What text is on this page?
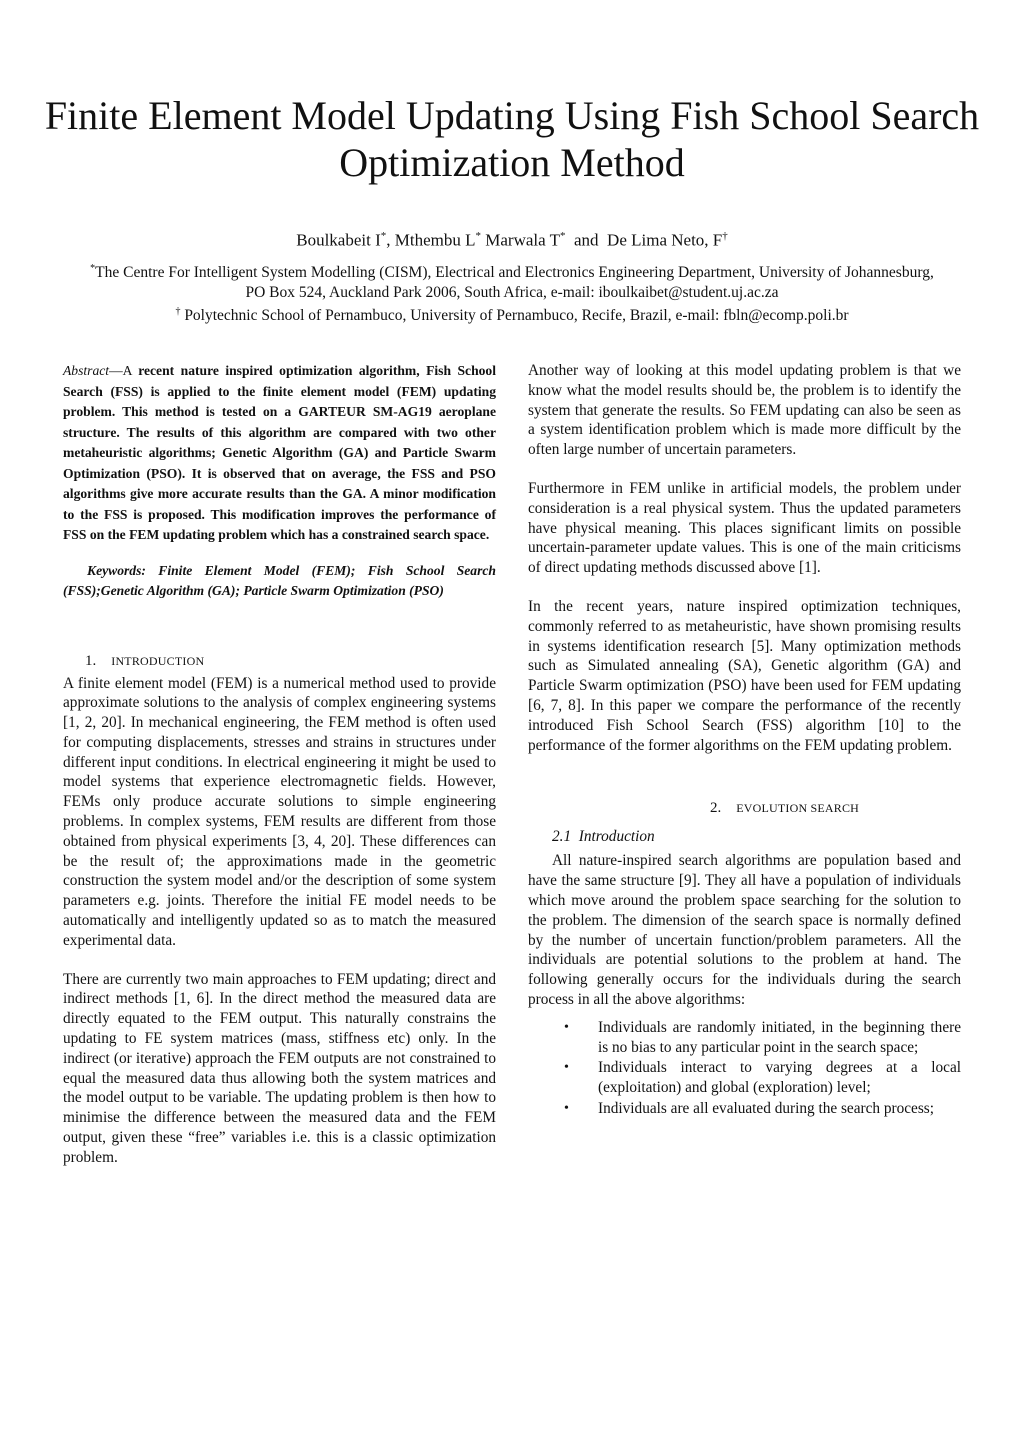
Finite Element Model Updating Using Fish School Search Optimization Method
Boulkabeit I*, Mthembu L* Marwala T*  and  De Lima Neto, F†
*The Centre For Intelligent System Modelling (CISM), Electrical and Electronics Engineering Department, University of Johannesburg, PO Box 524, Auckland Park 2006, South Africa, e-mail: iboulkaibet@student.uj.ac.za
† Polytechnic School of Pernambuco, University of Pernambuco, Recife, Brazil, e-mail: fbln@ecomp.poli.br

Abstract—A recent nature inspired optimization algorithm, Fish School Search (FSS) is applied to the finite element model (FEM) updating problem. This method is tested on a GARTEUR SM-AG19 aeroplane structure. The results of this algorithm are compared with two other metaheuristic algorithms; Genetic Algorithm (GA) and Particle Swarm Optimization (PSO). It is observed that on average, the FSS and PSO algorithms give more accurate results than the GA. A minor modification to the FSS is proposed. This modification improves the performance of FSS on the FEM updating problem which has a constrained search space.

Keywords: Finite Element Model (FEM); Fish School Search (FSS);Genetic Algorithm (GA); Particle Swarm Optimization (PSO)

1. INTRODUCTION

A finite element model (FEM) is a numerical method used to provide approximate solutions to the analysis of complex engineering systems [1, 2, 20]. In mechanical engineering, the FEM method is often used for computing displacements, stresses and strains in structures under different input conditions. In electrical engineering it might be used to model systems that experience electromagnetic fields. However, FEMs only produce accurate solutions to simple engineering problems. In complex systems, FEM results are different from those obtained from physical experiments [3, 4, 20]. These differences can be the result of; the approximations made in the geometric construction the system model and/or the description of some system parameters e.g. joints. Therefore the initial FE model needs to be automatically and intelligently updated so as to match the measured experimental data.

There are currently two main approaches to FEM updating; direct and indirect methods [1, 6]. In the direct method the measured data are directly equated to the FEM output. This naturally constrains the updating to FE system matrices (mass, stiffness etc) only. In the indirect (or iterative) approach the FEM outputs are not constrained to equal the measured data thus allowing both the system matrices and the model output to be variable. The updating problem is then how to minimise the difference between the measured data and the FEM output, given these “free” variables i.e. this is a classic optimization problem.

Another way of looking at this model updating problem is that we know what the model results should be, the problem is to identify the system that generate the results. So FEM updating can also be seen as a system identification problem which is made more difficult by the often large number of uncertain parameters.

Furthermore in FEM unlike in artificial models, the problem under consideration is a real physical system. Thus the updated parameters have physical meaning. This places significant limits on possible uncertain-parameter update values. This is one of the main criticisms of direct updating methods discussed above [1].

In the recent years, nature inspired optimization techniques, commonly referred to as metaheuristic, have shown promising results in systems identification research [5]. Many optimization methods such as Simulated annealing (SA), Genetic algorithm (GA) and Particle Swarm optimization (PSO) have been used for FEM updating [6, 7, 8]. In this paper we compare the performance of the recently introduced Fish School Search (FSS) algorithm [10] to the performance of the former algorithms on the FEM updating problem.

2. EVOLUTION SEARCH
2.1 Introduction

All nature-inspired search algorithms are population based and have the same structure [9]. They all have a population of individuals which move around the problem space searching for the solution to the problem. The dimension of the search space is normally defined by the number of uncertain function/problem parameters. All the individuals are potential solutions to the problem at hand. The following generally occurs for the individuals during the search process in all the above algorithms:

• Individuals are randomly initiated, in the beginning there is no bias to any particular point in the search space;
• Individuals interact to varying degrees at a local (exploitation) and global (exploration) level;
• Individuals are all evaluated during the search process;
